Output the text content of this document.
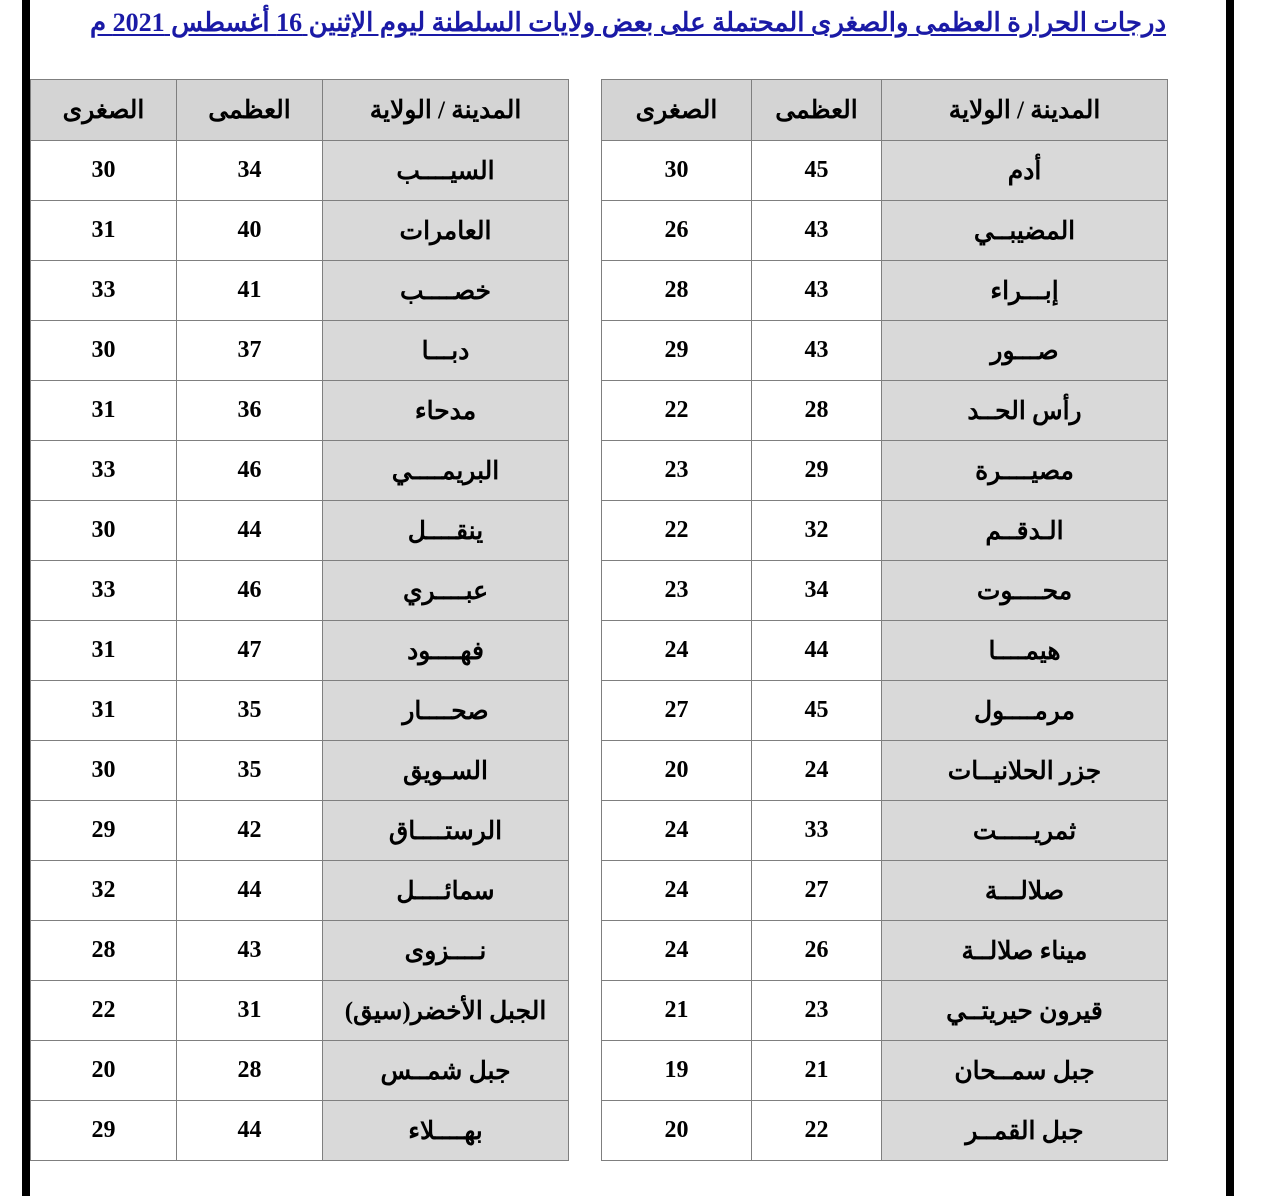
درجات الحرارة العظمى والصغرى المحتملة على بعض ولايات السلطنة ليوم الإثنين 16 أغسطس 2021 م
المدينة / الولاية	العظمى	الصغرى
السيــــب	34	30
العامرات	40	31
خصــــب	41	33
دبـــا	37	30
مدحاء	36	31
البريمــــي	46	33
ينقــــل	44	30
عبــــري	46	33
فهــــود	47	31
صحــــار	35	31
السـويق	35	30
الرستــــاق	42	29
سمائــــل	44	32
نــــزوى	43	28
الجبل الأخضر(سيق)	31	22
جبل شمــس	28	20
بهــــلاء	44	29
المدينة / الولاية	العظمى	الصغرى
أدم	45	30
المضيبــي	43	26
إبـــراء	43	28
صـــور	43	29
رأس الحــد	28	22
مصيــــرة	29	23
الـدقــم	32	22
محــــوت	34	23
هيمــــا	44	24
مرمــــول	45	27
جزر الحلانيــات	24	20
ثمريـــــت	33	24
صلالـــة	27	24
ميناء صلالــة	26	24
قيرون حيريتــي	23	21
جبل سمــحان	21	19
جبل القمــر	22	20
